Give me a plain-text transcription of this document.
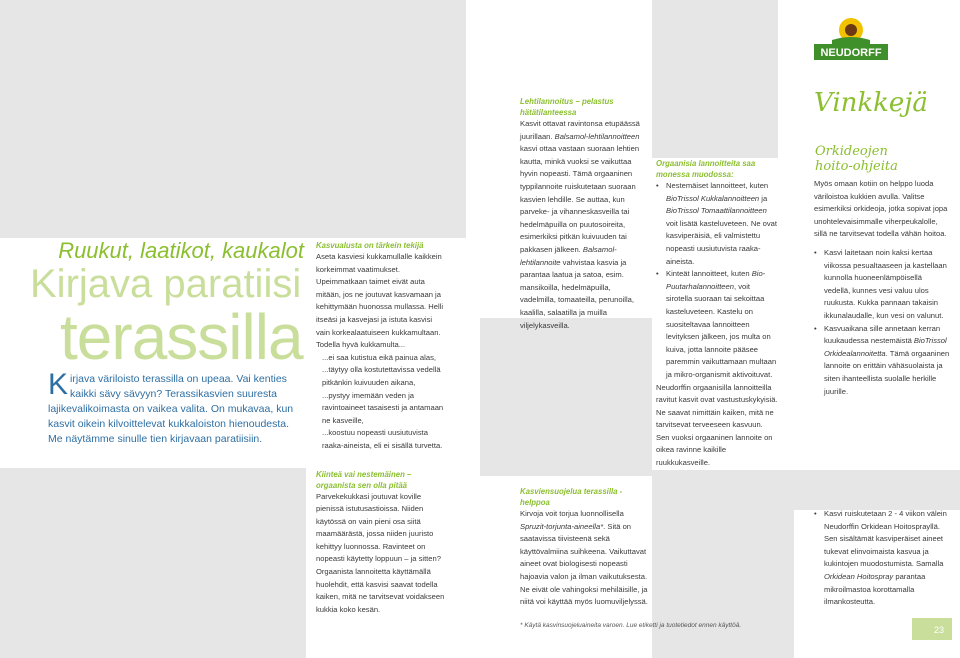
Ruukut, laatikot, kaukalot
Kirjava paratiisi
terassilla
Kirjava väriloisto terassilla on upeaa. Vai kenties kaikki sävy sävyyn? Terassikasvien suuresta lajikevalikoimasta on vaikea valita. On mukavaa, kun kasvit oikein kilvoittelevat kukkaloiston hienoudesta. Me näytämme sinulle tien kirjavaan paratiisiin.
Kasvualusta on tärkein tekijä

Aseta kasviesi kukkamullalle kaikkein korkeimmat vaatimukset. Upeimmatkaan taimet eivät auta mitään, jos ne joutuvat kasvamaan ja kehittymään huonossa mullassa. Helli itseäsi ja kasvejasi ja istuta kasvisi vain korkealaatuiseen kukkamultaan. Todella hyvä kukkamulta...

...ei saa kutistua eikä painua alas,

...täytyy olla kostutettavissa vedellä pitkänkin kuivuuden aikana,

...pystyy imemään veden ja ravintoaineet tasaisesti ja antamaan ne kasveille,

...koostuu nopeasti uusiutuvista raaka-aineista, eli ei sisällä turvetta.

Kiinteä vai nestemäinen – orgaanista sen olla pitää

Parvekekukkasi joutuvat koville pienissä istutusastioissa. Niiden käytössä on vain pieni osa siitä maamäärästä, jossa niiden juuristo kehittyy luonnossa. Ravinteet on nopeasti käytetty loppuun – ja sitten? Orgaanista lannoitetta käyttämällä huolehdit, että kasvisi saavat todella kaiken, mitä ne tarvitsevat voidakseen kukkia koko kesän.

Lehtilannoitus – pelastus hätätilanteessa

Kasvit ottavat ravintonsa etupäässä juurillaan. Balsamol-lehtilannoitteen kasvi ottaa vastaan suoraan lehtien kautta, minkä vuoksi se vaikuttaa hyvin nopeasti. Tämä orgaaninen typpilannoite ruiskutetaan suoraan kasvien lehdille. Se auttaa, kun parveke- ja vihanneskasveilla tai hedelmäpuilla on puutosoireita, esimerkiksi pitkän kuivuuden tai pakkasen jälkeen. Balsamol-lehtilannoite vahvistaa kasvia ja parantaa laatua ja satoa, esim. mansikoilla, hedelmäpuilla, vadelmilla, tomaateilla, perunoilla, kaalilla, salaatilla ja muilla viljelykasveilla.

Kasviensuojelua terassilla - helppoa

Kirvoja voit torjua luonnollisella Spruzit-torjunta-aineella*. Sitä on saatavissa tiivisteenä sekä käyttövalmiina suihkeena. Vaikuttavat aineet ovat biologisesti nopeasti hajoavia valon ja ilman vaikutuksesta. Ne eivät ole vahingoksi mehiläisille, ja niitä voi käyttää myös luomuviljelyssä.

Orgaanisia lannoitteita saa monessa muodossa:
• Nestemäiset lannoitteet, kuten BioTrissol Kukkalannoitteen ja BioTrissol Tomaattilannoitteen voit lisätä kasteluveteen. Ne ovat kasviperäisiä, eli valmistettu nopeasti uusiutuvista raaka-aineista.
• Kinteät lannoitteet, kuten Bio-Puutarhalannoitteen, voit sirotella suoraan tai sekoittaa kasteluveteen. Kastelu on suositeltavaa lannoitteen levityksen jälkeen, jos multa on kuiva, jotta lannoite pääsee paremmin vaikuttamaan multaan ja mikro-organismit aktivoituvat.

Neudorffin orgaanisilla lannoitteilla ravitut kasvit ovat vastustuskykyisiä. Ne saavat nimittäin kaiken, mitä ne tarvitsevat terveeseen kasvuun. Sen vuoksi orgaaninen lannoite on oikea ravinne kaikille ruukkukasveille.

NEUDORFF
Vinkkejä
Orkideojen hoito-ohjeita

Myös omaan kotiin on helppo luoda väriloistoa kukkien avulla. Valitse esimerkiksi orkideoja, jotka sopivat jopa unohtelevaisimmalle viherpeukalolle, sillä ne tarvitsevat todella vähän hoitoa.

• Kasvi laitetaan noin kaksi kertaa viikossa pesualtaaseen ja kastellaan kunnolla huoneenlämpöisellä vedellä, kunnes vesi valuu ulos ruukusta. Kukka pannaan takaisin ikkunalaudalle, kun vesi on valunut.
• Kasvuaikana sille annetaan kerran kuukaudessa nestemäistä BioTrissol Orkidealannoitetta. Tämä orgaaninen lannoite on erittäin vähäsuolaista ja siten ihanteellista suolalle herkille juurille.
• Kasvi ruiskutetaan 2 - 4 viikon välein Neudorffin Orkidean Hoitosprayllä. Sen sisältämät kasviperäiset aineet tukevat elinvoimaista kasvua ja kukintojen muodostumista. Samalla Orkidean Hoitospray parantaa mikroilmastoa korottamalla ilmankosteutta.
* Käytä kasvinsuojeluaineita varoen. Lue etiketti ja tuotetiedot ennen käyttöä.	23
